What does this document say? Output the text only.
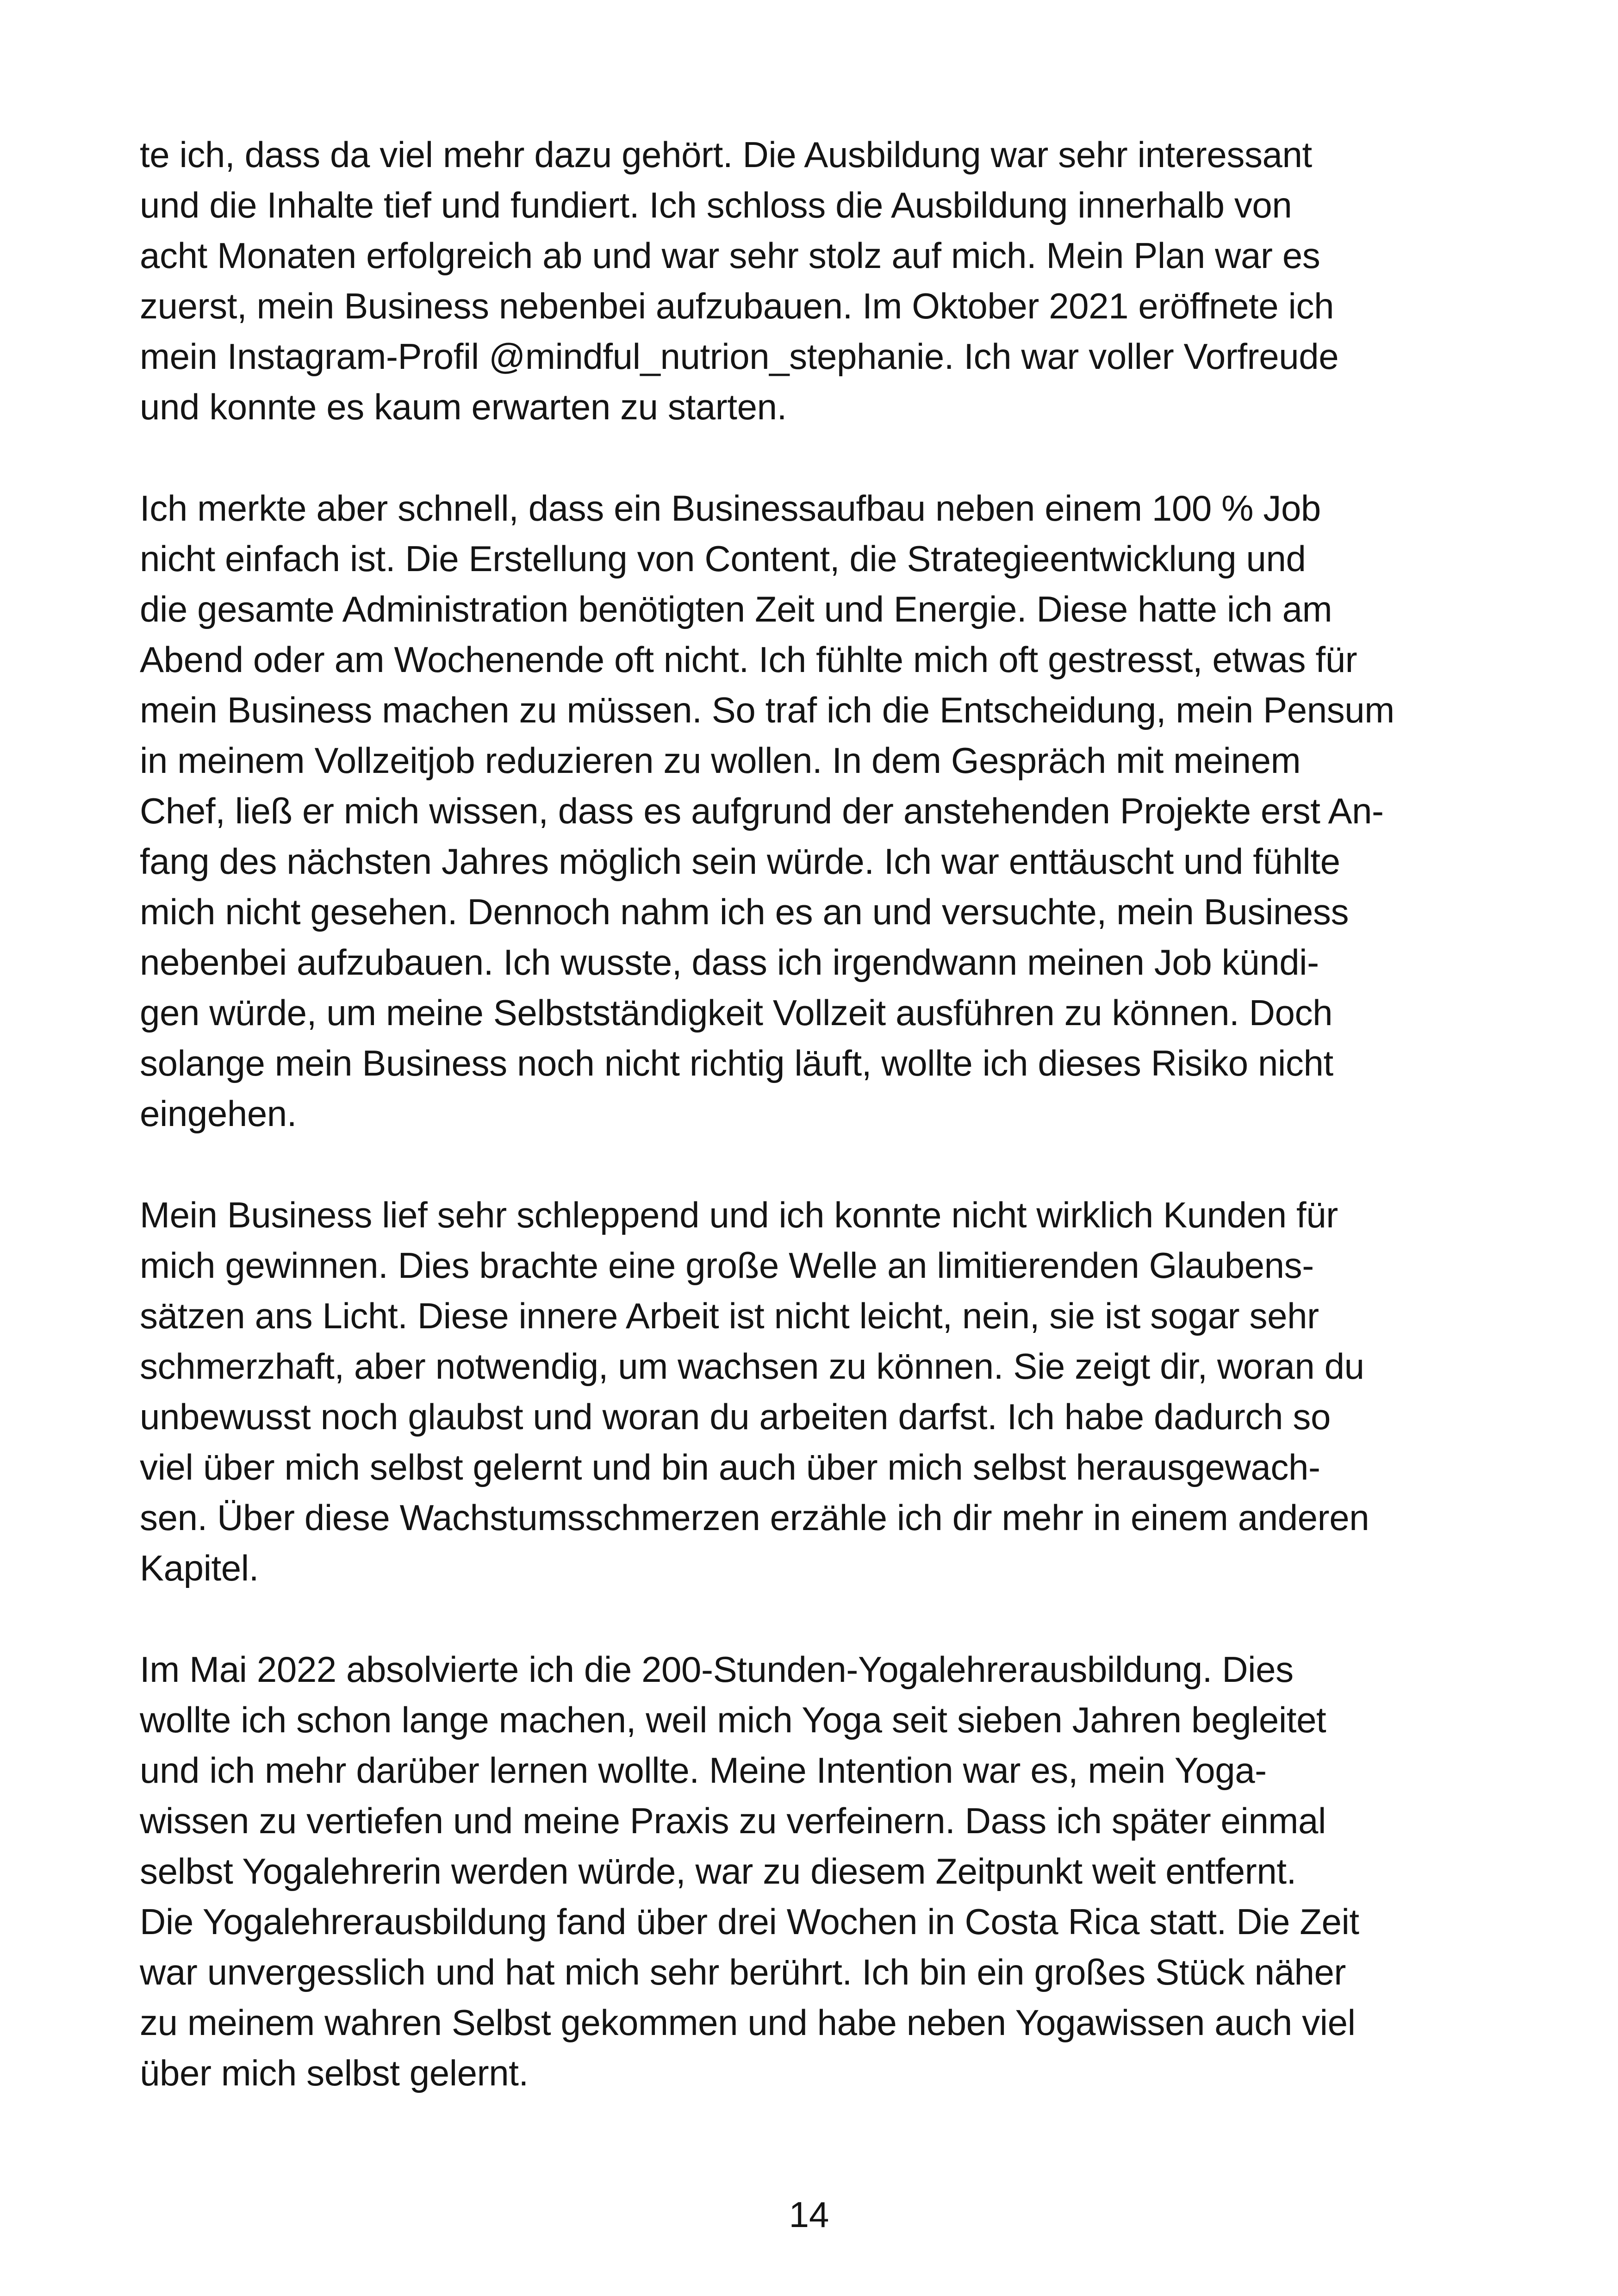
te ich, dass da viel mehr dazu gehört. Die Ausbildung war sehr interessant
und die Inhalte tief und fundiert. Ich schloss die Ausbildung innerhalb von
acht Monaten erfolgreich ab und war sehr stolz auf mich. Mein Plan war es
zuerst, mein Business nebenbei aufzubauen. Im Oktober 2021 eröffnete ich
mein Instagram-Profil @mindful_nutrion_stephanie. Ich war voller Vorfreude
und konnte es kaum erwarten zu starten.

Ich merkte aber schnell, dass ein Businessaufbau neben einem 100 % Job
nicht einfach ist. Die Erstellung von Content, die Strategieentwicklung und
die gesamte Administration benötigten Zeit und Energie. Diese hatte ich am
Abend oder am Wochenende oft nicht. Ich fühlte mich oft gestresst, etwas für
mein Business machen zu müssen. So traf ich die Entscheidung, mein Pensum
in meinem Vollzeitjob reduzieren zu wollen. In dem Gespräch mit meinem
Chef, ließ er mich wissen, dass es aufgrund der anstehenden Projekte erst An-
fang des nächsten Jahres möglich sein würde. Ich war enttäuscht und fühlte
mich nicht gesehen. Dennoch nahm ich es an und versuchte, mein Business
nebenbei aufzubauen. Ich wusste, dass ich irgendwann meinen Job kündi-
gen würde, um meine Selbstständigkeit Vollzeit ausführen zu können. Doch
solange mein Business noch nicht richtig läuft, wollte ich dieses Risiko nicht
eingehen.

Mein Business lief sehr schleppend und ich konnte nicht wirklich Kunden für
mich gewinnen. Dies brachte eine große Welle an limitierenden Glaubens-
sätzen ans Licht. Diese innere Arbeit ist nicht leicht, nein, sie ist sogar sehr
schmerzhaft, aber notwendig, um wachsen zu können. Sie zeigt dir, woran du
unbewusst noch glaubst und woran du arbeiten darfst. Ich habe dadurch so
viel über mich selbst gelernt und bin auch über mich selbst herausgewach-
sen. Über diese Wachstumsschmerzen erzähle ich dir mehr in einem anderen
Kapitel.

Im Mai 2022 absolvierte ich die 200-Stunden-Yogalehrerausbildung. Dies
wollte ich schon lange machen, weil mich Yoga seit sieben Jahren begleitet
und ich mehr darüber lernen wollte. Meine Intention war es, mein Yoga-
wissen zu vertiefen und meine Praxis zu verfeinern. Dass ich später einmal
selbst Yogalehrerin werden würde, war zu diesem Zeitpunkt weit entfernt.
Die Yogalehrerausbildung fand über drei Wochen in Costa Rica statt. Die Zeit
war unvergesslich und hat mich sehr berührt. Ich bin ein großes Stück näher
zu meinem wahren Selbst gekommen und habe neben Yogawissen auch viel
über mich selbst gelernt.

14
